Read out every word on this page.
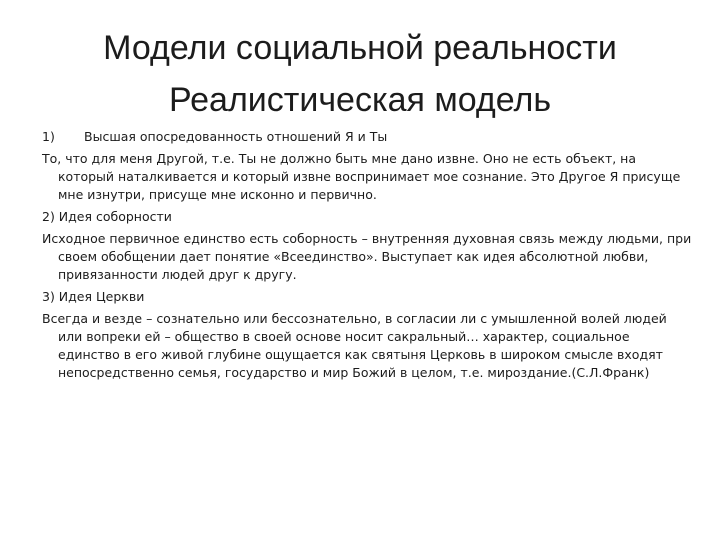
Модели социальной реальности
Реалистическая модель
1)	Высшая опосредованность отношений Я и Ты

То, что для меня Другой, т.е. Ты не должно быть мне дано извне. Оно не есть объект, на который наталкивается и который извне воспринимает мое сознание. Это Другое Я присуще мне изнутри, присуще мне исконно и первично.

2) Идея соборности

Исходное первичное единство есть соборность – внутренняя духовная связь между людьми, при своем обобщении дает понятие «Всеединство». Выступает как идея абсолютной любви, привязанности людей друг к другу.

3) Идея Церкви

Всегда и везде – сознательно или бессознательно, в согласии ли с умышленной волей людей или вопреки ей – общество в своей основе носит сакральный… характер, социальное единство в его живой глубине ощущается как святыня Церковь в широком смысле входят непосредственно семья, государство и мир Божий в целом, т.е. мироздание.(С.Л.Франк)
